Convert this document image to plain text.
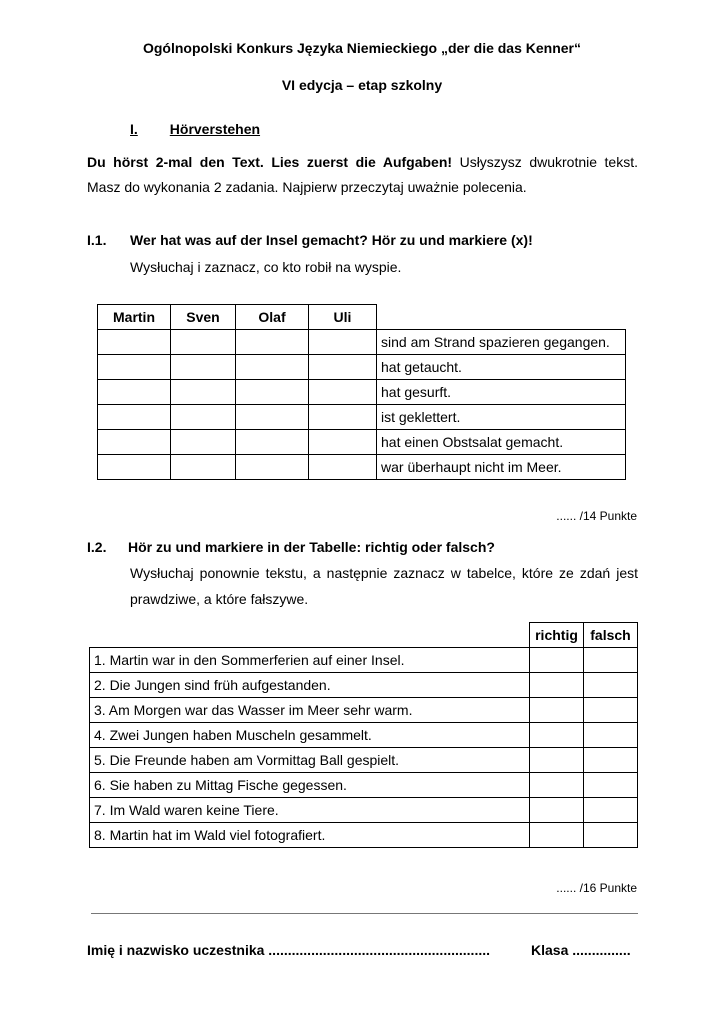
Ogólnopolski Konkurs Języka Niemieckiego „der die das Kenner“
VI edycja – etap szkolny
I. Hörverstehen
Du hörst 2-mal den Text. Lies zuerst die Aufgaben! Usłyszysz dwukrotnie tekst.
Masz do wykonania 2 zadania. Najpierw przeczytaj uważnie polecenia.
I.1. Wer hat was auf der Insel gemacht? Hör zu und markiere (x)!
Wysłuchaj i zaznacz, co kto robił na wyspie.
Martin	Sven	Olaf	Uli	
				sind am Strand spazieren gegangen.
				hat getaucht.
				hat gesurft.
				ist geklettert.
				hat einen Obstsalat gemacht.
				war überhaupt nicht im Meer.
...... /14 Punkte
I.2. Hör zu und markiere in der Tabelle: richtig oder falsch?
Wysłuchaj ponownie tekstu, a następnie zaznacz w tabelce, które ze zdań jest
prawdziwe, a które fałszywe.
	richtig	falsch
1. Martin war in den Sommerferien auf einer Insel.		
2. Die Jungen sind früh aufgestanden.		
3. Am Morgen war das Wasser im Meer sehr warm.		
4. Zwei Jungen haben Muscheln gesammelt.		
5. Die Freunde haben am Vormittag Ball gespielt.		
6. Sie haben zu Mittag Fische gegessen.		
7. Im Wald waren keine Tiere.		
8. Martin hat im Wald viel fotografiert.		
...... /16 Punkte
Imię i nazwisko uczestnika .........................................................	Klasa ...............
